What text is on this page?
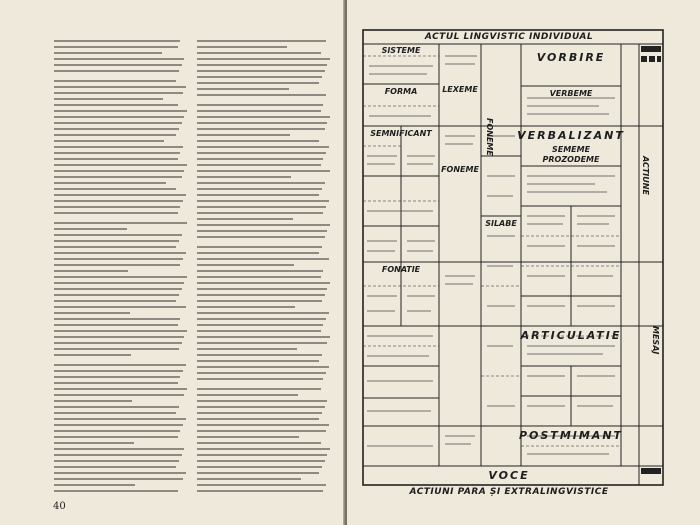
40
ACTUL LINGVISTIC INDIVIDUAL
VORBIRE
VERBALIZANT
ARTICULATIE
POSTMIMANT
VOCE
ACTIUNI PARA ȘI EXTRALINGVISTICE
FONATIE
SISTEME
FORMA
SEMNIFICANT
LEXEME	VERBEME
FONEME
PROZODEME
SEMEME
SILABE
ACTIUNE
MESAJ
FONEME
